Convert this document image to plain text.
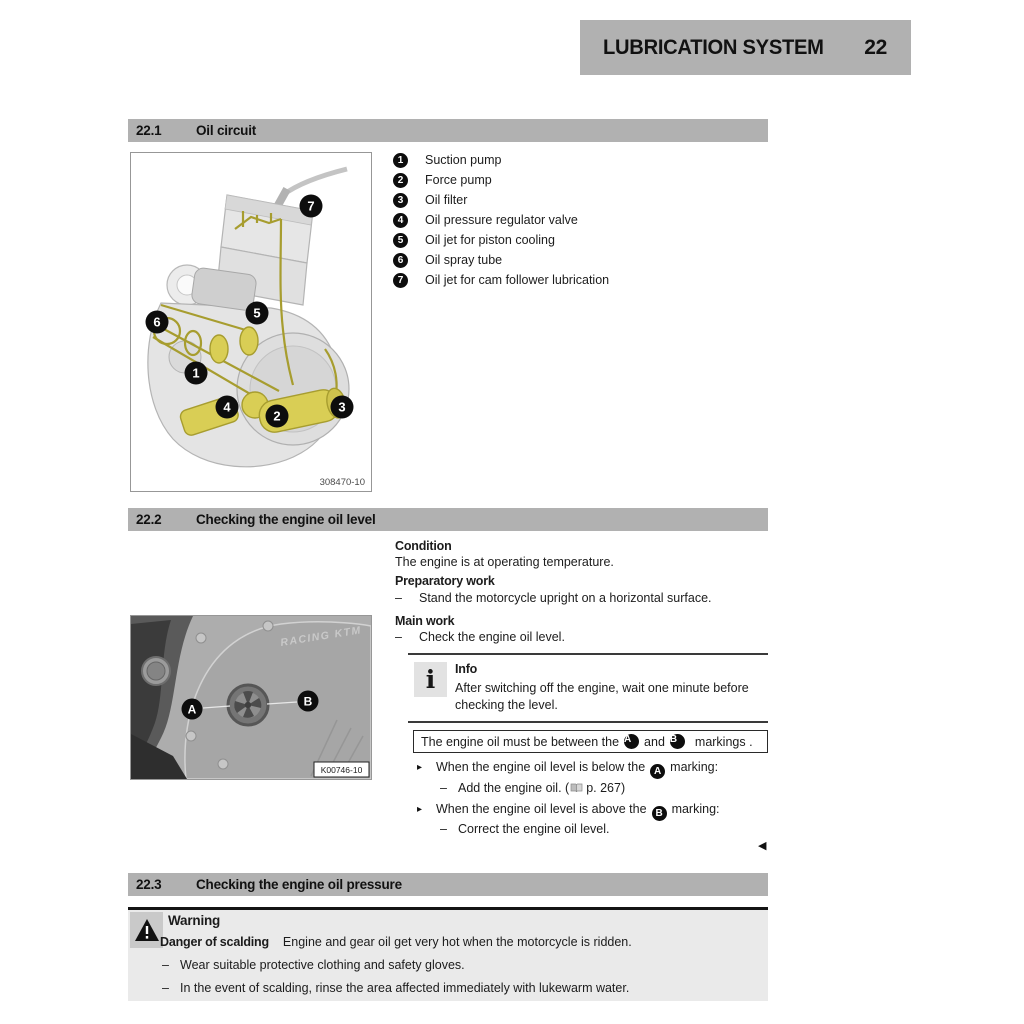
LUBRICATION SYSTEM 22
22.1	Oil circuit
1
2
3
4
5
6
7
308470-10
1	Suction pump
2	Force pump
3	Oil filter
4	Oil pressure regulator valve
5	Oil jet for piston cooling
6	Oil spray tube
7	Oil jet for cam follower lubrication
22.2	Checking the engine oil level
Condition
The engine is at operating temperature.
Preparatory work
–	Stand the motorcycle upright on a horizontal surface.
Main work
–	Check the engine oil level.
i Info
After switching off the engine, wait one minute before checking the level.
The engine oil must be between the A	and B	markings .
▸	When the engine oil level is below the A marking:
– Add the engine oil. ( p. 267)
▸	When the engine oil level is above the B marking:
– Correct the engine oil level.
RACING KTM
A
B
K00746-10
◀
22.3	Checking the engine oil pressure
Warning
Danger of scalding Engine and gear oil get very hot when the motorcycle is ridden.
– Wear suitable protective clothing and safety gloves.
– In the event of scalding, rinse the area affected immediately with lukewarm water.
